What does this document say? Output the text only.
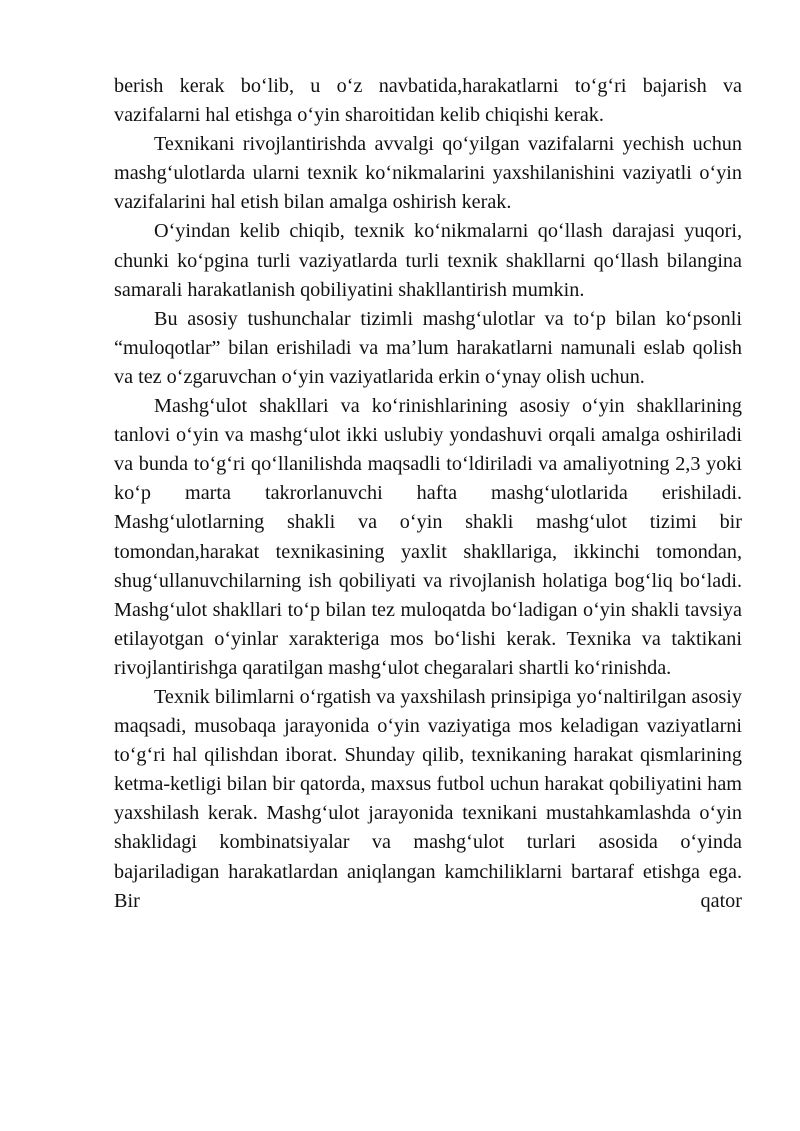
berish kerak boʻlib, u oʻz navbatida,harakatlarni toʻgʻri bajarish va vazifalarni hal etishga oʻyin sharoitidan kelib chiqishi kerak.

Texnikani rivojlantirishda avvalgi qoʻyilgan vazifalarni yechish uchun mashgʻulotlarda ularni texnik koʻnikmalarini yaxshilanishini vaziyatli oʻyin vazifalarini hal etish bilan amalga oshirish kerak.

Oʻyindan kelib chiqib, texnik koʻnikmalarni qoʻllash darajasi yuqori, chunki koʻpgina turli vaziyatlarda turli texnik shakllarni qoʻllash bilangina samarali harakatlanish qobiliyatini shakllantirish mumkin.

Bu asosiy tushunchalar tizimli mashgʻulotlar va toʻp bilan koʻpsonli “muloqotlar” bilan erishiladi va maʼlum harakatlarni namunali eslab qolish va tez oʻzgaruvchan oʻyin vaziyatlarida erkin oʻynay olish uchun.

Mashgʻulot shakllari va koʻrinishlarining asosiy oʻyin shakllarining tanlovi oʻyin va mashgʻulot ikki uslubiy yondashuvi orqali amalga oshiriladi va bunda toʻgʻri qoʻllanilishda maqsadli toʻldiriladi va amaliyotning 2,3 yoki koʻp marta takrorlanuvchi hafta mashgʻulotlarida erishiladi. Mashgʻulotlarning shakli va oʻyin shakli mashgʻulot tizimi bir tomondan,harakat texnikasining yaxlit shakllariga, ikkinchi tomondan, shugʻullanuvchilarning ish qobiliyati va rivojlanish holatiga bogʻliq boʻladi. Mashgʻulot shakllari toʻp bilan tez muloqatda boʻladigan oʻyin shakli tavsiya etilayotgan oʻyinlar xarakteriga mos boʻlishi kerak. Texnika va taktikani rivojlantirishga qaratilgan mashgʻulot chegaralari shartli koʻrinishda.

Texnik bilimlarni oʻrgatish va yaxshilash prinsipiga yoʻnaltirilgan asosiy maqsadi, musobaqa jarayonida oʻyin vaziyatiga mos keladigan vaziyatlarni toʻgʻri hal qilishdan iborat. Shunday qilib, texnikaning harakat qismlarining ketma-ketligi bilan bir qatorda, maxsus futbol uchun harakat qobiliyatini ham yaxshilash kerak. Mashgʻulot jarayonida texnikani mustahkamlashda oʻyin shaklidagi kombinatsiyalar va mashgʻulot turlari asosida oʻyinda bajariladigan harakatlardan aniqlangan kamchiliklarni bartaraf etishga ega. Bir qator
